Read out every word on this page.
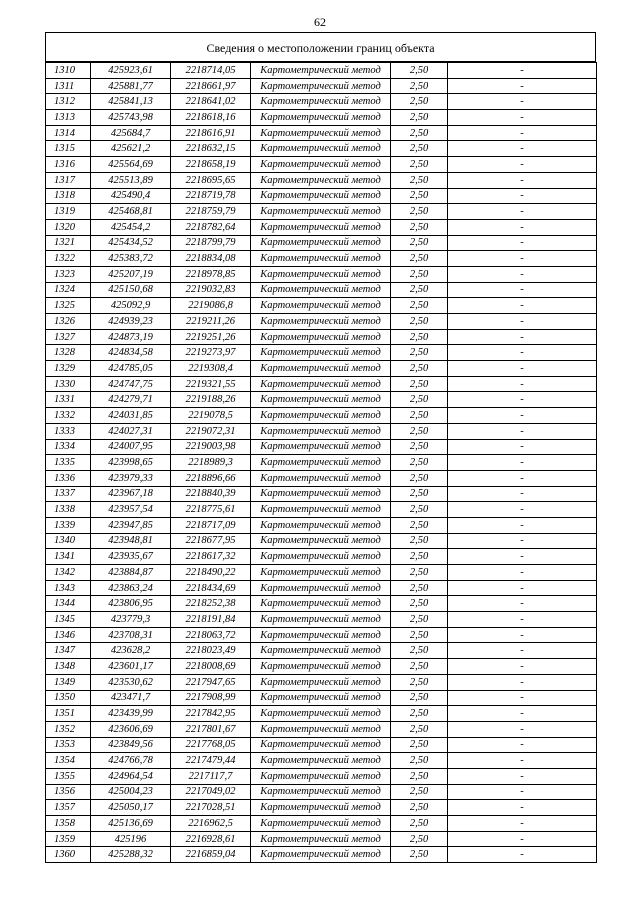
62
Сведения о местоположении границ объекта
1310	425923,61	2218714,05	Картометрический метод	2,50	-
1311	425881,77	2218661,97	Картометрический метод	2,50	-
1312	425841,13	2218641,02	Картометрический метод	2,50	-
1313	425743,98	2218618,16	Картометрический метод	2,50	-
1314	425684,7	2218616,91	Картометрический метод	2,50	-
1315	425621,2	2218632,15	Картометрический метод	2,50	-
1316	425564,69	2218658,19	Картометрический метод	2,50	-
1317	425513,89	2218695,65	Картометрический метод	2,50	-
1318	425490,4	2218719,78	Картометрический метод	2,50	-
1319	425468,81	2218759,79	Картометрический метод	2,50	-
1320	425454,2	2218782,64	Картометрический метод	2,50	-
1321	425434,52	2218799,79	Картометрический метод	2,50	-
1322	425383,72	2218834,08	Картометрический метод	2,50	-
1323	425207,19	2218978,85	Картометрический метод	2,50	-
1324	425150,68	2219032,83	Картометрический метод	2,50	-
1325	425092,9	2219086,8	Картометрический метод	2,50	-
1326	424939,23	2219211,26	Картометрический метод	2,50	-
1327	424873,19	2219251,26	Картометрический метод	2,50	-
1328	424834,58	2219273,97	Картометрический метод	2,50	-
1329	424785,05	2219308,4	Картометрический метод	2,50	-
1330	424747,75	2219321,55	Картометрический метод	2,50	-
1331	424279,71	2219188,26	Картометрический метод	2,50	-
1332	424031,85	2219078,5	Картометрический метод	2,50	-
1333	424027,31	2219072,31	Картометрический метод	2,50	-
1334	424007,95	2219003,98	Картометрический метод	2,50	-
1335	423998,65	2218989,3	Картометрический метод	2,50	-
1336	423979,33	2218896,66	Картометрический метод	2,50	-
1337	423967,18	2218840,39	Картометрический метод	2,50	-
1338	423957,54	2218775,61	Картометрический метод	2,50	-
1339	423947,85	2218717,09	Картометрический метод	2,50	-
1340	423948,81	2218677,95	Картометрический метод	2,50	-
1341	423935,67	2218617,32	Картометрический метод	2,50	-
1342	423884,87	2218490,22	Картометрический метод	2,50	-
1343	423863,24	2218434,69	Картометрический метод	2,50	-
1344	423806,95	2218252,38	Картометрический метод	2,50	-
1345	423779,3	2218191,84	Картометрический метод	2,50	-
1346	423708,31	2218063,72	Картометрический метод	2,50	-
1347	423628,2	2218023,49	Картометрический метод	2,50	-
1348	423601,17	2218008,69	Картометрический метод	2,50	-
1349	423530,62	2217947,65	Картометрический метод	2,50	-
1350	423471,7	2217908,99	Картометрический метод	2,50	-
1351	423439,99	2217842,95	Картометрический метод	2,50	-
1352	423606,69	2217801,67	Картометрический метод	2,50	-
1353	423849,56	2217768,05	Картометрический метод	2,50	-
1354	424766,78	2217479,44	Картометрический метод	2,50	-
1355	424964,54	2217117,7	Картометрический метод	2,50	-
1356	425004,23	2217049,02	Картометрический метод	2,50	-
1357	425050,17	2217028,51	Картометрический метод	2,50	-
1358	425136,69	2216962,5	Картометрический метод	2,50	-
1359	425196	2216928,61	Картометрический метод	2,50	-
1360	425288,32	2216859,04	Картометрический метод	2,50	-
